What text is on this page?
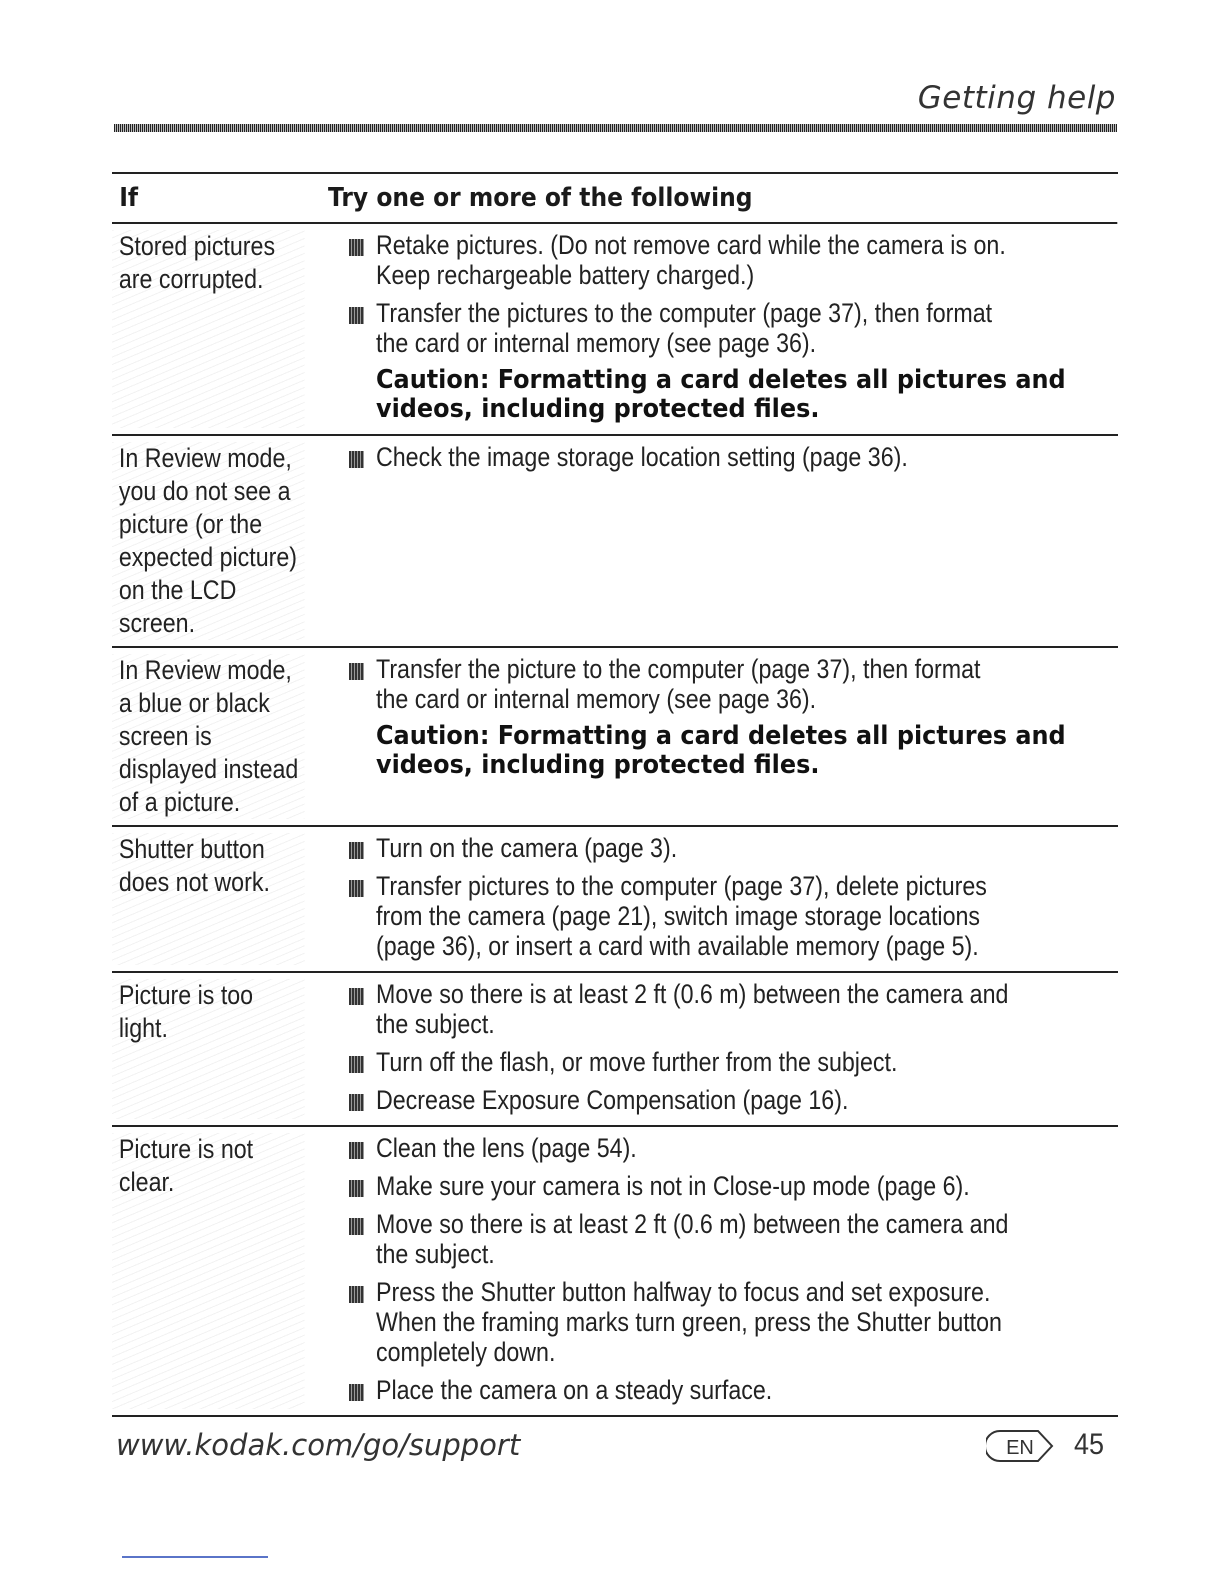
Getting help
If	Try one or more of the following
Stored pictures are corrupted.
Retake pictures. (Do not remove card while the camera is on. Keep rechargeable battery charged.)
Transfer the pictures to the computer (page 37), then format the card or internal memory (see page 36).
Caution: Formatting a card deletes all pictures and videos, including protected files.
In Review mode, you do not see a picture (or the expected picture) on the LCD screen.
Check the image storage location setting (page 36).
In Review mode, a blue or black screen is displayed instead of a picture.
Transfer the picture to the computer (page 37), then format the card or internal memory (see page 36).
Caution: Formatting a card deletes all pictures and videos, including protected files.
Shutter button does not work.
Turn on the camera (page 3).
Transfer pictures to the computer (page 37), delete pictures from the camera (page 21), switch image storage locations (page 36), or insert a card with available memory (page 5).
Picture is too light.
Move so there is at least 2 ft (0.6 m) between the camera and the subject.
Turn off the flash, or move further from the subject.
Decrease Exposure Compensation (page 16).
Picture is not clear.
Clean the lens (page 54).
Make sure your camera is not in Close-up mode (page 6).
Move so there is at least 2 ft (0.6 m) between the camera and the subject.
Press the Shutter button halfway to focus and set exposure. When the framing marks turn green, press the Shutter button completely down.
Place the camera on a steady surface.
www.kodak.com/go/support	EN 45
